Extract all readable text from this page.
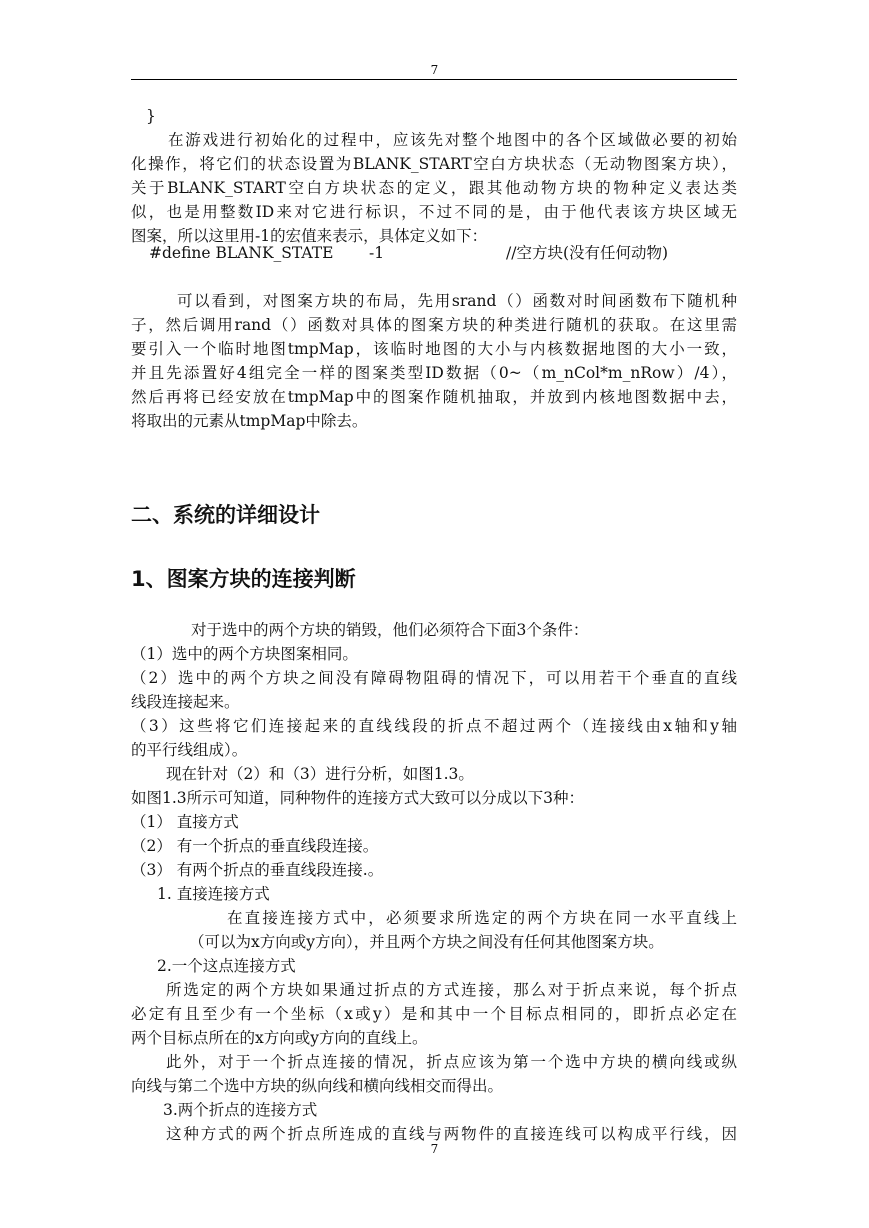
7
}
在游戏进行初始化的过程中，应该先对整个地图中的各个区域做必要的初始
化操作，将它们的状态设置为BLANK_START空白方块状态（无动物图案方块），
关于BLANK_START空白方块状态的定义，跟其他动物方块的物种定义表达类
似，也是用整数ID来对它进行标识，不过不同的是，由于他代表该方块区域无
图案，所以这里用-1的宏值来表示，具体定义如下：
#define BLANK_STATE -1	//空方块(没有任何动物)
可以看到，对图案方块的布局，先用srand（）函数对时间函数布下随机种
子，然后调用rand（）函数对具体的图案方块的种类进行随机的获取。在这里需
要引入一个临时地图tmpMap，该临时地图的大小与内核数据地图的大小一致，
并且先添置好4组完全一样的图案类型ID数据（0~（m_nCol*m_nRow）/4），
然后再将已经安放在tmpMap中的图案作随机抽取，并放到内核地图数据中去，
将取出的元素从tmpMap中除去。
二、系统的详细设计
1、图案方块的连接判断
对于选中的两个方块的销毁，他们必须符合下面3个条件：
（1）选中的两个方块图案相同。
（2）选中的两个方块之间没有障碍物阻碍的情况下，可以用若干个垂直的直线
线段连接起来。
（3）这些将它们连接起来的直线线段的折点不超过两个（连接线由x轴和y轴
的平行线组成）。
现在针对（2）和（3）进行分析，如图1.3。
如图1.3所示可知道，同种物件的连接方式大致可以分成以下3种：
（1） 直接方式
（2） 有一个折点的垂直线段连接。
（3） 有两个折点的垂直线段连接.。
1. 直接连接方式
在直接连接方式中，必须要求所选定的两个方块在同一水平直线上
（可以为x方向或y方向），并且两个方块之间没有任何其他图案方块。
2.一个这点连接方式
所选定的两个方块如果通过折点的方式连接，那么对于折点来说，每个折点
必定有且至少有一个坐标（x或y）是和其中一个目标点相同的，即折点必定在
两个目标点所在的x方向或y方向的直线上。
此外，对于一个折点连接的情况，折点应该为第一个选中方块的横向线或纵
向线与第二个选中方块的纵向线和横向线相交而得出。
3.两个折点的连接方式
这种方式的两个折点所连成的直线与两物件的直接连线可以构成平行线，因
7
